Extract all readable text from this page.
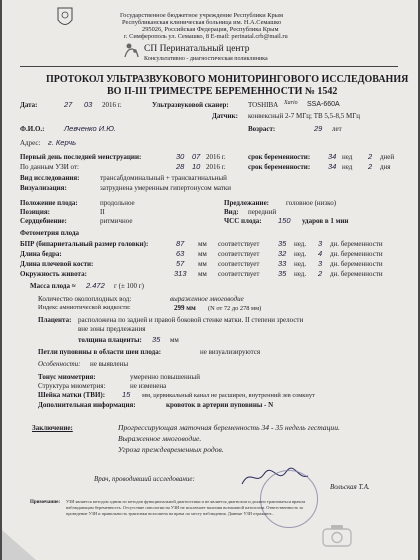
Государственное бюджетное учреждение Республики Крым
Республиканская клиническая больница им. Н.А.Семашко
295026, Российская Федерация, Республика Крым
г. Симферополь ул. Семашко, 8 E-mail: perinatal.crb@mail.ru
СП Перинатальный центр
Консультативно - диагностическая поликлиника
ПРОТОКОЛ УЛЬТРАЗВУКОВОГО МОНИТОРИНГОВОГО ИССЛЕДОВАНИЯ
ВО II-III ТРИМЕСТРЕ БЕРЕМЕННОСТИ № 1542
Дата:	27 03 2016 г.	Ультразвуковой сканер:	TOSHIBA Xario SSA-660A
Датчик: конвексный 2-7 МГц; ТВ 5,5-8,5 МГц
Ф.И.О.:	Левченко И.Ю.	Возраст:	29 лет
Адрес: г. Керчь
Первый день последней менструации:	30 07 2016 г.	срок беременности: 34 нед 2 дней
По данным УЗИ от:	28 10 2016 г.	срок беременности: 34 нед 2 дня
Вид исследования:	трансабдоминальный + трансвагинальный
Визуализация:	затруднена умеренным гипертонусом матки
Положение плода:	продольное	Предлежание: головное (низко)
Позиция:	II	Вид: передний
Сердцебиение:	ритмичное	ЧСС плода: 150 ударов в 1 мин
Фетометрия плода
БПР (бипариетальный размер головки):	87 мм соответствует 35 нед. 3 дн. беременности
Длина бедра:	63 мм соответствует 32 нед. 4 дн. беременности
Длина плечевой кости:	57 мм соответствует 33 нед. 3 дн. беременности
Окружность живота:	313 мм соответствует 35 нед. 2 дн. беременности
Масса плода ≈ 2.472 г (± 100 г)
Количество околоплодных вод:	выраженное многоводие
Индекс амниотической жидкости:	299 мм (N от 72 до 278 мм)
Плацента: расположена по задней и правой боковой стенке матки. II степени зрелости
вне зоны предлежания
толщина плаценты: 35 мм
Петли пуповины в области шеи плода:	не визуализируются
Особенности: не выявлены
Тонус миометрия:	умеренно повышенный
Структура миометрия:	не изменена
Шейка матки (ТВИ): 15 мм, цервикальный канал не расширен, внутренний зев сомкнут
Дополнительная информация:	кровоток в артерии пуповины - N
Заключение:	Прогрессирующая маточная беременность 34 - 35 недель гестации.
Выраженное многоводие.
Угроза преждевременных родов.
Врач, проводивший исследование:
Вольская Т.А.
Примечание: УЗИ является методом одним из методов функциональной диагностики и не является диагнозом и должно трактоваться врачом наблюдающим беременность. Отсутствие патологии на УЗИ не исключает наличия возможной патологии. Ответственность за проведение УЗИ и правильность трактовки возложена на врача по месту наблюдения. Данные УЗИ отражают...
